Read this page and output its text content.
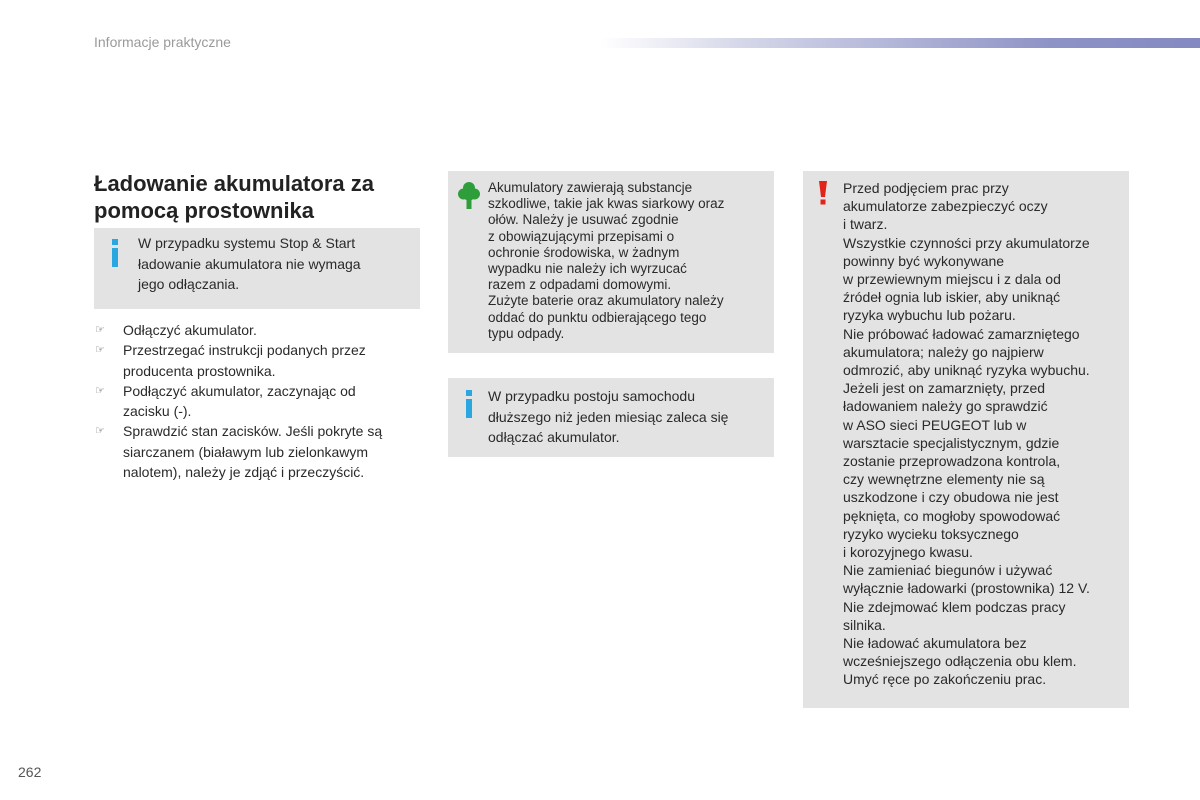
Informacje praktyczne
Ładowanie akumulatora za pomocą prostownika
W przypadku systemu Stop & Start
ładowanie akumulatora nie wymaga
jego odłączania.
☞ Odłączyć akumulator.
☞ Przestrzegać instrukcji podanych przez
producenta prostownika.
☞ Podłączyć akumulator, zaczynając od
zacisku (-).
☞ Sprawdzić stan zacisków. Jeśli pokryte są
siarczanem (białawym lub zielonkawym
nalotem), należy je zdjąć i przeczyścić.
Akumulatory zawierają substancje
szkodliwe, takie jak kwas siarkowy oraz
ołów. Należy je usuwać zgodnie
z obowiązującymi przepisami o
ochronie środowiska, w żadnym
wypadku nie należy ich wyrzucać
razem z odpadami domowymi.
Zużyte baterie oraz akumulatory należy
oddać do punktu odbierającego tego
typu odpady.
W przypadku postoju samochodu
dłuższego niż jeden miesiąc zaleca się
odłączać akumulator.
Przed podjęciem prac przy
akumulatorze zabezpieczyć oczy
i twarz.
Wszystkie czynności przy akumulatorze
powinny być wykonywane
w przewiewnym miejscu i z dala od
źródeł ognia lub iskier, aby uniknąć
ryzyka wybuchu lub pożaru.
Nie próbować ładować zamarzniętego
akumulatora; należy go najpierw
odmrozić, aby uniknąć ryzyka wybuchu.
Jeżeli jest on zamarznięty, przed
ładowaniem należy go sprawdzić
w ASO sieci PEUGEOT lub w
warsztacie specjalistycznym, gdzie
zostanie przeprowadzona kontrola,
czy wewnętrzne elementy nie są
uszkodzone i czy obudowa nie jest
pęknięta, co mogłoby spowodować
ryzyko wycieku toksycznego
i korozyjnego kwasu.
Nie zamieniać biegunów i używać
wyłącznie ładowarki (prostownika) 12 V.
Nie zdejmować klem podczas pracy
silnika.
Nie ładować akumulatora bez
wcześniejszego odłączenia obu klem.
Umyć ręce po zakończeniu prac.
262
